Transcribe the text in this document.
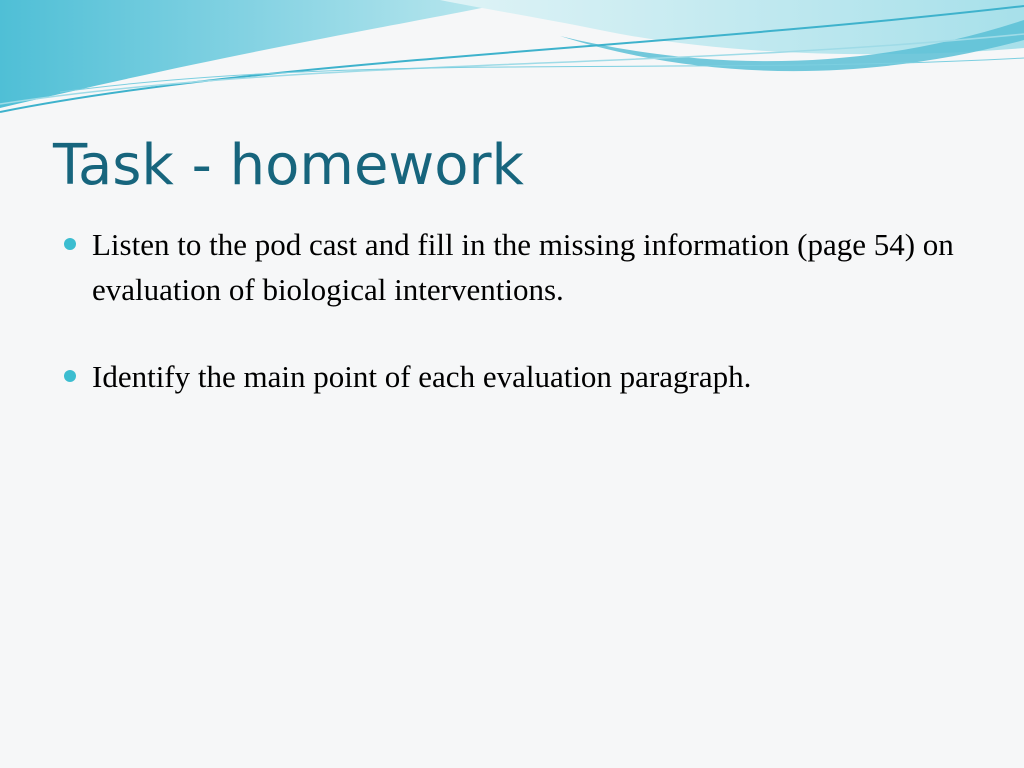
Task - homework
Listen to the pod cast and fill in the missing information (page 54) on evaluation of biological interventions.
Identify the main point of each evaluation paragraph.
